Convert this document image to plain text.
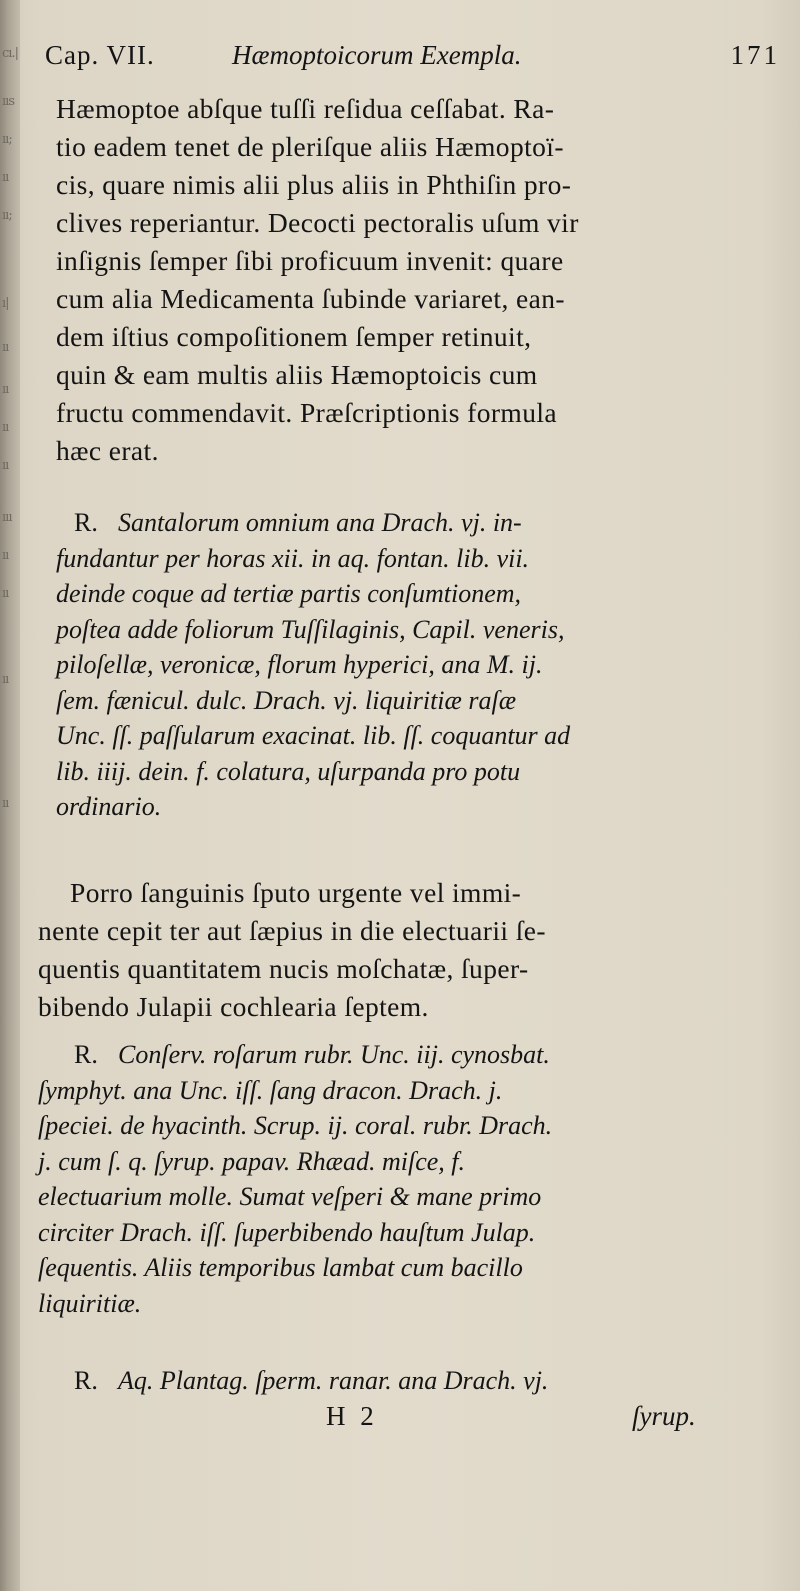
cı.|
ııs
ıı;
ıı
ıı;
ı|
ıı
ıı
ıı
ıı
ııı
ıı
ıı
ıı
ıı
Cap. VII.	Hæmoptoicorum Exempla.	171
Hæmoptoe abſque tuſſi reſidua ceſſabat. Ra-
tio eadem tenet de pleriſque aliis Hæmoptoï-
cis, quare nimis alii plus aliis in Phthiſin pro-
clives reperiantur. Decocti pectoralis uſum vir
inſignis ſemper ſibi proficuum invenit: quare
cum alia Medicamenta ſubinde variaret, ean-
dem iſtius compoſitionem ſemper retinuit,
quin & eam multis aliis Hæmoptoicis cum
fructu commendavit. Præſcriptionis formula
hæc erat.
R. Santalorum omnium ana Drach. vj. in-
fundantur per horas xii. in aq. fontan. lib. vii.
deinde coque ad tertiæ partis conſumtionem,
poſtea adde foliorum Tuſſilaginis, Capil. veneris,
piloſellæ, veronicæ, florum hyperici, ana M. ij.
ſem. fænicul. dulc. Drach. vj. liquiritiæ raſæ
Unc. ſſ. paſſularum exacinat. lib. ſſ. coquantur ad
lib. iiij. dein. f. colatura, uſurpanda pro potu
ordinario.
Porro ſanguinis ſputo urgente vel immi-
nente cepit ter aut ſæpius in die electuarii ſe-
quentis quantitatem nucis moſchatæ, ſuper-
bibendo Julapii cochlearia ſeptem.
R. Conſerv. roſarum rubr. Unc. iij. cynosbat.
ſymphyt. ana Unc. iſſ. ſang dracon. Drach. j.
ſpeciei. de hyacinth. Scrup. ij. coral. rubr. Drach.
j. cum ſ. q. ſyrup. papav. Rhæad. miſce, f.
electuarium molle. Sumat veſperi & mane primo
circiter Drach. iſſ. ſuperbibendo hauſtum Julap.
ſequentis. Aliis temporibus lambat cum bacillo
liquiritiæ.
R. Aq. Plantag. ſperm. ranar. ana Drach. vj.
H 2	ſyrup.
